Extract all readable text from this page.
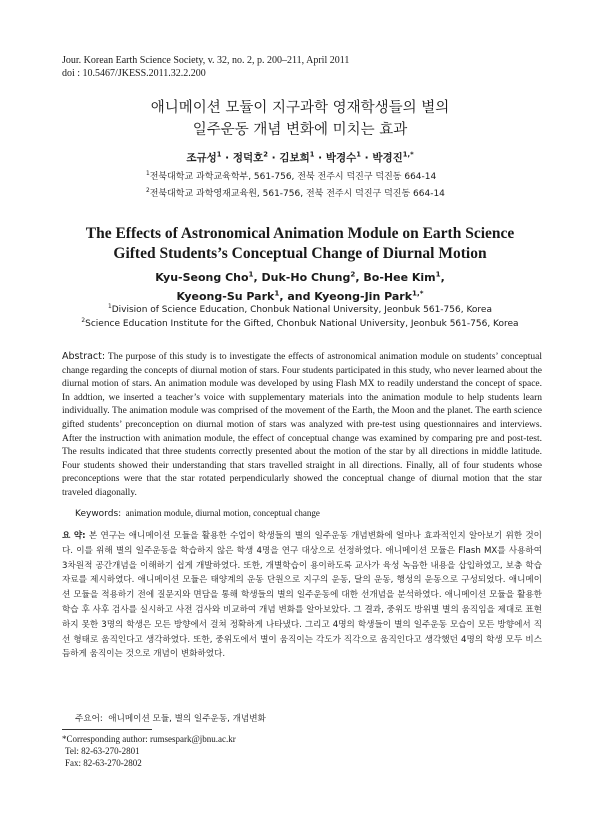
Jour. Korean Earth Science Society, v. 32, no. 2, p. 200–211, April 2011
doi : 10.5467/JKESS.2011.32.2.200
애니메이션 모듈이 지구과학 영재학생들의 별의
일주운동 개념 변화에 미치는 효과
조규성$^1$ · 정덕호$^2$ · 김보희$^1$ · 박경수$^1$ · 박경진$^{1,*}$
$^1$전북대학교 과학교육학부, 561-756, 전북 전주시 덕진구 덕진동 664-14
$^2$전북대학교 과학영재교육원, 561-756, 전북 전주시 덕진구 덕진동 664-14
The Effects of Astronomical Animation Module on Earth Science
Gifted Students’s Conceptual Change of Diurnal Motion
Kyu-Seong Cho$^1$, Duk-Ho Chung$^2$, Bo-Hee Kim$^1$,
Kyeong-Su Park$^1$, and Kyeong-Jin Park$^{1,*}$
$^1$Division of Science Education, Chonbuk National University, Jeonbuk 561-756, Korea
$^2$Science Education Institute for the Gifted, Chonbuk National University, Jeonbuk 561-756, Korea
Abstract: The purpose of this study is to investigate the effects of astronomical animation module on students’ conceptual change regarding the concepts of diurnal motion of stars. Four students participated in this study, who never learned about the diurnal motion of stars. An animation module was developed by using Flash MX to readily understand the concept of space. In addtion, we inserted a teacher’s voice with supplementary materials into the animation module to help students learn individually. The animation module was comprised of the movement of the Earth, the Moon and the planet. The earth science gifted students’ preconception on diurnal motion of stars was analyzed with pre-test using questionnaires and interviews. After the instruction with animation module, the effect of conceptual change was examined by comparing pre and post-test. The results indicated that three students correctly presented about the motion of the star by all directions in middle latitude. Four students showed their understanding that stars travelled straight in all directions. Finally, all of four students whose preconceptions were that the star rotated perpendicularly showed the conceptual change of diurnal motion that the star traveled diagonally.
Keywords: animation module, diurnal motion, conceptual change
요 약: 본 연구는 애니메이션 모듈을 활용한 수업이 학생들의 별의 일주운동 개념변화에 얼마나 효과적인지 알아보기 위한 것이다. 이를 위해 별의 일주운동을 학습하지 않은 학생 4명을 연구 대상으로 선정하였다. 애니메이션 모듈은 Flash MX를 사용하여 3차원적 공간개념을 이해하기 쉽게 개발하였다. 또한, 개별학습이 용이하도록 교사가 육성 녹음한 내용을 삽입하였고, 보충 학습자료를 제시하였다. 애니메이션 모듈은 태양계의 운동 단원으로 지구의 운동, 달의 운동, 행성의 운동으로 구성되었다. 애니메이션 모듈을 적용하기 전에 질문지와 면담을 통해 학생들의 별의 일주운동에 대한 선개념을 분석하였다. 애니메이션 모듈을 활용한 학습 후 사후 검사를 실시하고 사전 검사와 비교하여 개념 변화를 알아보았다. 그 결과, 중위도 방위별 별의 움직임을 제대로 표현하지 못한 3명의 학생은 모든 방향에서 걸쳐 정확하게 나타냈다. 그리고 4명의 학생들이 별의 일주운동 모습이 모든 방향에서 직선 형태로 움직인다고 생각하였다. 또한, 중위도에서 별이 움직이는 각도가 직각으로 움직인다고 생각했던 4명의 학생 모두 비스듬하게 움직이는 것으로 개념이 변화하였다.
주요어: 애니메이션 모듈, 별의 일주운동, 개념변화
*Corresponding author: rumsespark@jbnu.ac.kr
Tel: 82-63-270-2801
Fax: 82-63-270-2802
